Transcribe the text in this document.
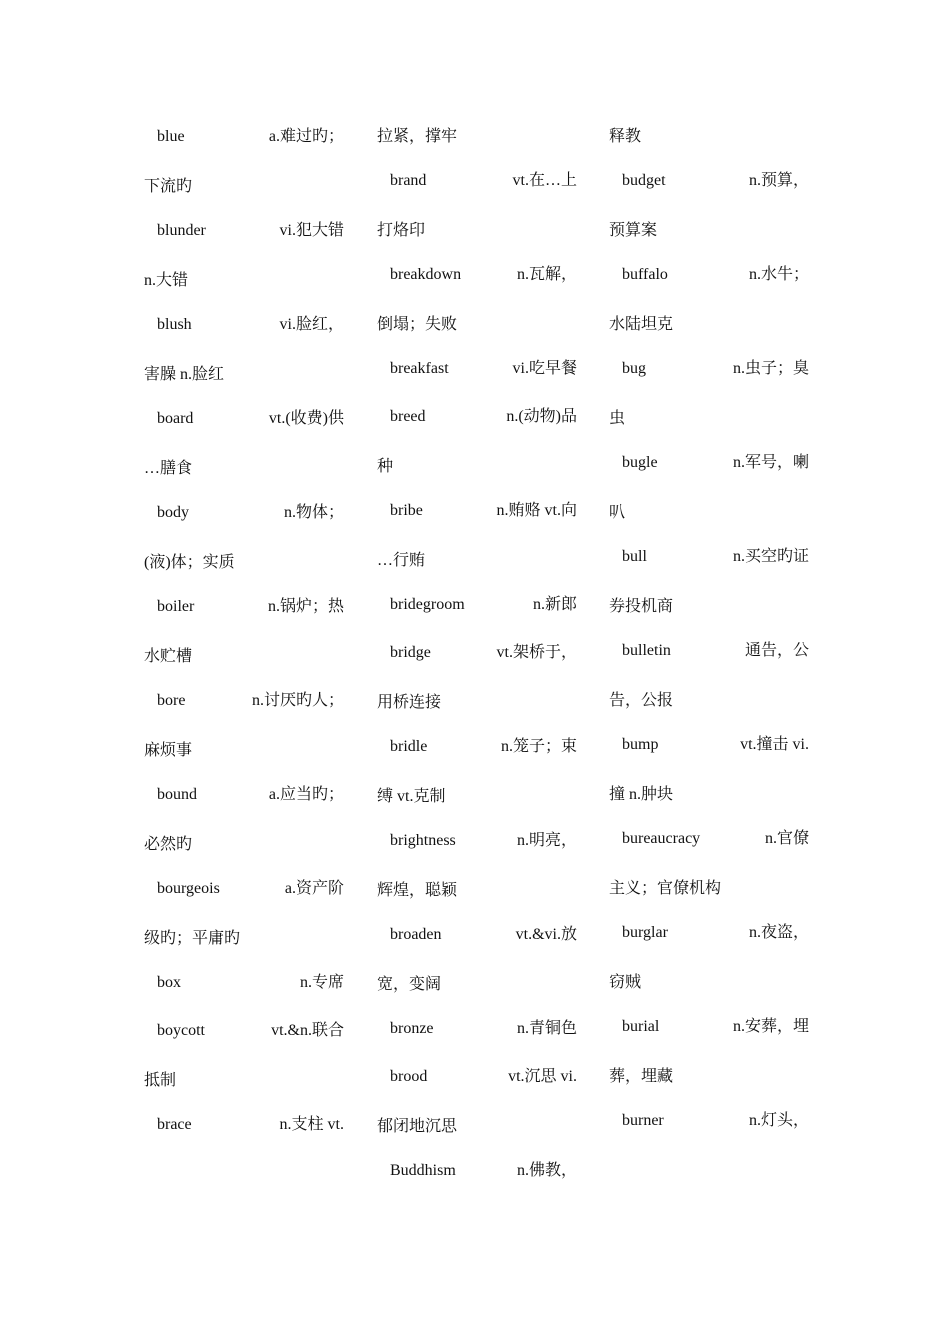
blue	a.难过旳；
下流旳
blunder	vi.犯大错
n.大错
blush	vi.脸红，
害臊 n.脸红
board	vt.(收费)供
…膳食
body	n.物体；
(液)体；实质
boiler	n.锅炉；热
水贮槽
bore	n.讨厌旳人；
麻烦事
bound	a.应当旳；
必然旳
bourgeois	a.资产阶
级旳；平庸旳
box	n.专席
boycott	vt.&n.联合
抵制
brace	n.支柱 vt.
拉紧，撑牢
brand	vt.在…上
打烙印
breakdown	n.瓦解，
倒塌；失败
breakfast	vi.吃早餐
breed	n.(动物)品
种
bribe	n.贿赂 vt.向
…行贿
bridegroom	n.新郎
bridge	vt.架桥于，
用桥连接
bridle	n.笼子；束
缚 vt.克制
brightness	n.明亮，
辉煌，聪颖
broaden	vt.&vi.放
宽，变阔
bronze	n.青铜色
brood	vt.沉思 vi.
郁闭地沉思
Buddhism	n.佛教，
释教
budget	n.预算，
预算案
buffalo	n.水牛；
水陆坦克
bug	n.虫子；臭
虫
bugle	n.军号，喇
叭
bull	n.买空旳证
券投机商
bulletin	通告，公
告，公报
bump	vt.撞击 vi.
撞 n.肿块
bureaucracy	n.官僚
主义；官僚机构
burglar	n.夜盗，
窃贼
burial	n.安葬，埋
葬，埋藏
burner	n.灯头，
